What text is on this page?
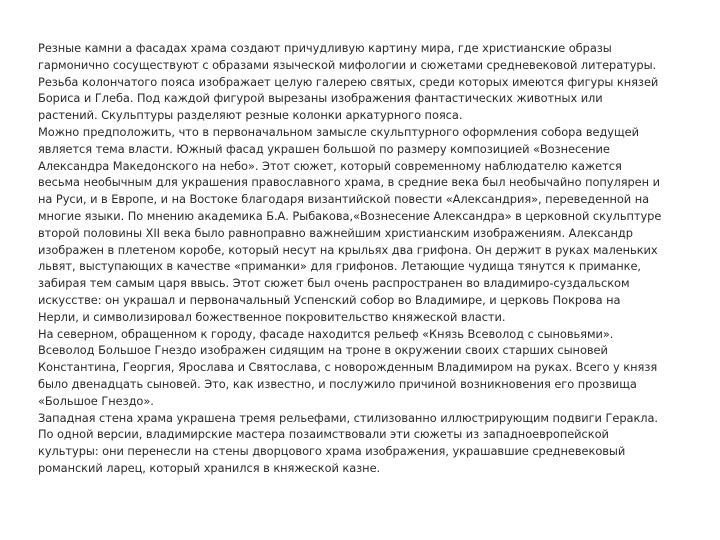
Резные камни а фасадах храма создают причудливую картину мира, где христианские образы
гармонично сосуществуют с образами языческой мифологии и сюжетами средневековой литературы.
Резьба колончатого пояса изображает целую галерею святых, среди которых имеются фигуры князей
Бориса и Глеба. Под каждой фигурой вырезаны изображения фантастических животных или
растений. Скульптуры разделяют резные колонки аркатурного пояса.
Можно предположить, что в первоначальном замысле скульптурного оформления собора ведущей
является тема власти. Южный фасад украшен большой по размеру композицией «Вознесение
Александра Македонского на небо». Этот сюжет, который современному наблюдателю кажется
весьма необычным для украшения православного храма, в средние века был необычайно популярен и
на Руси, и в Европе, и на Востоке благодаря византийской повести «Александрия», переведенной на
многие языки. По мнению академика Б.А. Рыбакова,«Вознесение Александра» в церковной скульптуре
второй половины XII века было равноправно важнейшим христианским изображениям. Александр
изображен в плетеном коробе, который несут на крыльях два грифона. Он держит в руках маленьких
львят, выступающих в качестве «приманки» для грифонов. Летающие чудища тянутся к приманке,
забирая тем самым царя ввысь. Этот сюжет был очень распространен во владимиро-суздальском
искусстве: он украшал и первоначальный Успенский собор во Владимире, и церковь Покрова на
Нерли, и символизировал божественное покровительство княжеской власти.
На северном, обращенном к городу, фасаде находится рельеф «Князь Всеволод с сыновьями».
Всеволод Большое Гнездо изображен сидящим на троне в окружении своих старших сыновей
Константина, Георгия, Ярослава и Святослава, с новорожденным Владимиром на руках. Всего у князя
было двенадцать сыновей. Это, как известно, и послужило причиной возникновения его прозвища
«Большое Гнездо».
Западная стена храма украшена тремя рельефами, стилизованно иллюстрирующим подвиги Геракла.
По одной версии, владимирские мастера позаимствовали эти сюжеты из западноевропейской
культуры: они перенесли на стены дворцового храма изображения, украшавшие средневековый
романский ларец, который хранился в княжеской казне.
